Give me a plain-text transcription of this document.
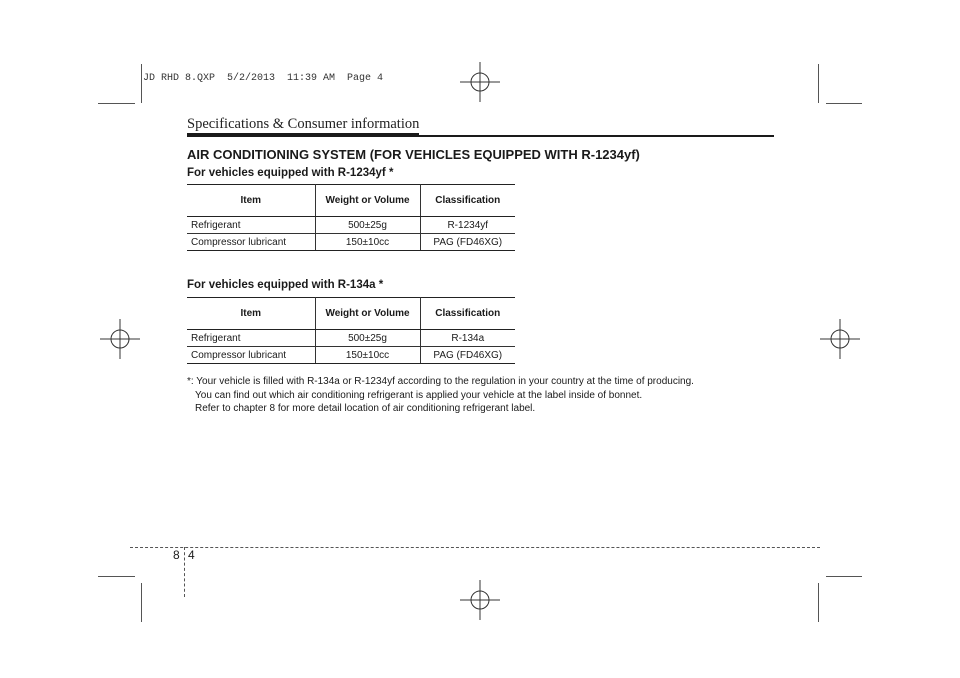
JD RHD 8.QXP  5/2/2013  11:39 AM  Page 4
Specifications & Consumer information
AIR CONDITIONING SYSTEM (FOR VEHICLES EQUIPPED WITH R-1234yf)
For vehicles equipped with R-1234yf *
Item	Weight or Volume	Classification
Refrigerant	500±25g	R-1234yf
Compressor lubricant	150±10cc	PAG (FD46XG)
For vehicles equipped with R-134a *
Item	Weight or Volume	Classification
Refrigerant	500±25g	R-134a
Compressor lubricant	150±10cc	PAG (FD46XG)
*: Your vehicle is filled with R-134a or R-1234yf according to the regulation in your country at the time of producing.
You can find out which air conditioning refrigerant is applied your vehicle at the label inside of bonnet.
Refer to chapter 8 for more detail location of air conditioning refrigerant label.
8 4
